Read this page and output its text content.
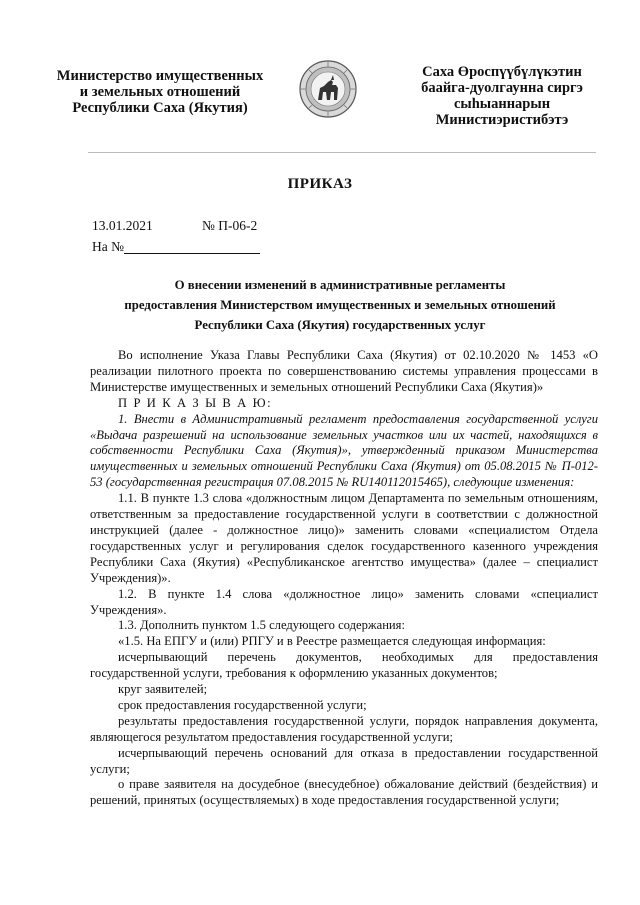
Министерство имущественных
и земельных отношений
Республики Саха (Якутия)
Саха Өроспүүбүлүкэтин
баайга-дуолгаунна сиргэ
сыһыаннарын
Министиэристибэтэ
ПРИКАЗ
13.01.2021	№ П-06-2
На №
О внесении изменений в административные регламенты
предоставления Министерством имущественных и земельных отношений
Республики Саха (Якутия) государственных услуг

Во исполнение Указа Главы Республики Саха (Якутия) от 02.10.2020 № 1453 «О реализации пилотного проекта по совершенствованию системы управления процессами в Министерстве имущественных и земельных отношений Республики Саха (Якутия)»

П Р И К А З Ы В А Ю:

1. Внести в Административный регламент предоставления государственной услуги «Выдача разрешений на использование земельных участков или их частей, находящихся в собственности Республики Саха (Якутия)», утвержденный приказом Министерства имущественных и земельных отношений Республики Саха (Якутия) от 05.08.2015 № П-012-53 (государственная регистрация 07.08.2015 № RU140112015465), следующие изменения:

1.1. В пункте 1.3 слова «должностным лицом Департамента по земельным отношениям, ответственным за предоставление государственной услуги в соответствии с должностной инструкцией (далее - должностное лицо)» заменить словами «специалистом Отдела государственных услуг и регулирования сделок государственного казенного учреждения Республики Саха (Якутия) «Республиканское агентство имущества» (далее – специалист Учреждения)».

1.2. В пункте 1.4 слова «должностное лицо» заменить словами «специалист Учреждения».

1.3. Дополнить пунктом 1.5 следующего содержания:

«1.5. На ЕПГУ и (или) РПГУ и в Реестре размещается следующая информация:

исчерпывающий перечень документов, необходимых для предоставления государственной услуги, требования к оформлению указанных документов;

круг заявителей;

срок предоставления государственной услуги;

результаты предоставления государственной услуги, порядок направления документа, являющегося результатом предоставления государственной услуги;

исчерпывающий перечень оснований для отказа в предоставлении государственной услуги;

о праве заявителя на досудебное (внесудебное) обжалование действий (бездействия) и решений, принятых (осуществляемых) в ходе предоставления государственной услуги;
